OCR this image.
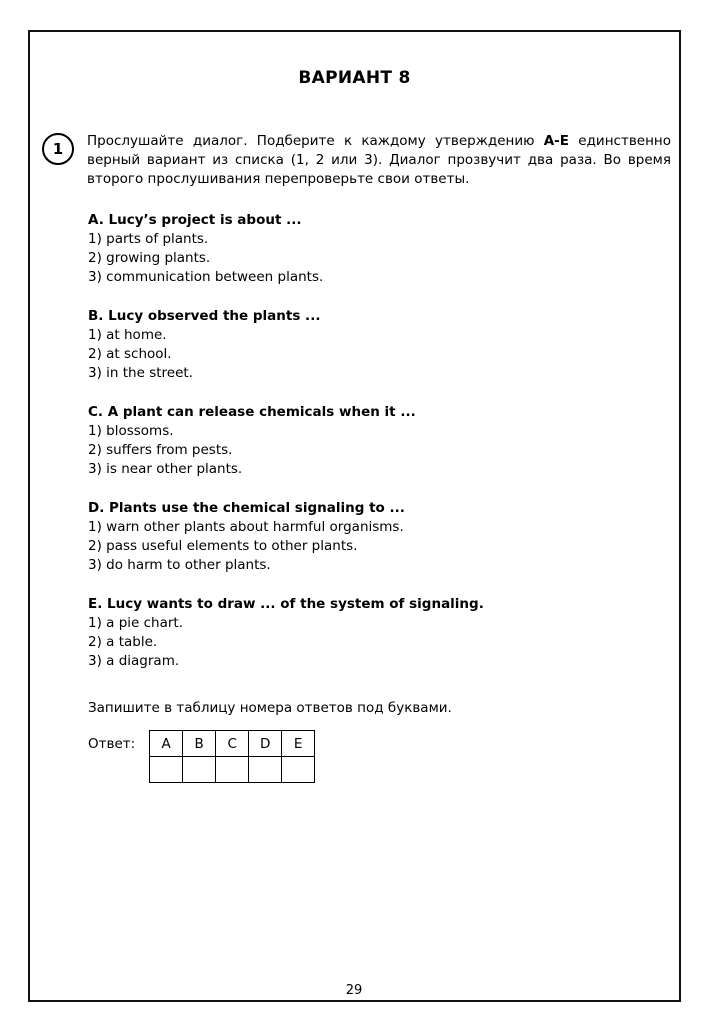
ВАРИАНТ 8
1	Прослушайте диалог. Подберите к каждому утверждению А-Е единственно верный вариант из списка (1, 2 или 3). Диалог прозвучит два раза. Во время второго прослушивания перепроверьте свои ответы.

A. Lucy’s project is about ...
1) parts of plants.
2) growing plants.
3) communication between plants.
B. Lucy observed the plants ...
1) at home.
2) at school.
3) in the street.
C. A plant can release chemicals when it ...
1) blossoms.
2) suffers from pests.
3) is near other plants.
D. Plants use the chemical signaling to ...
1) warn other plants about harmful organisms.
2) pass useful elements to other plants.
3) do harm to other plants.
E. Lucy wants to draw ... of the system of signaling.
1) a pie chart.
2) a table.
3) a diagram.

Запишите в таблицу номера ответов под буквами.

Ответ: A	B	C	D	E

29
